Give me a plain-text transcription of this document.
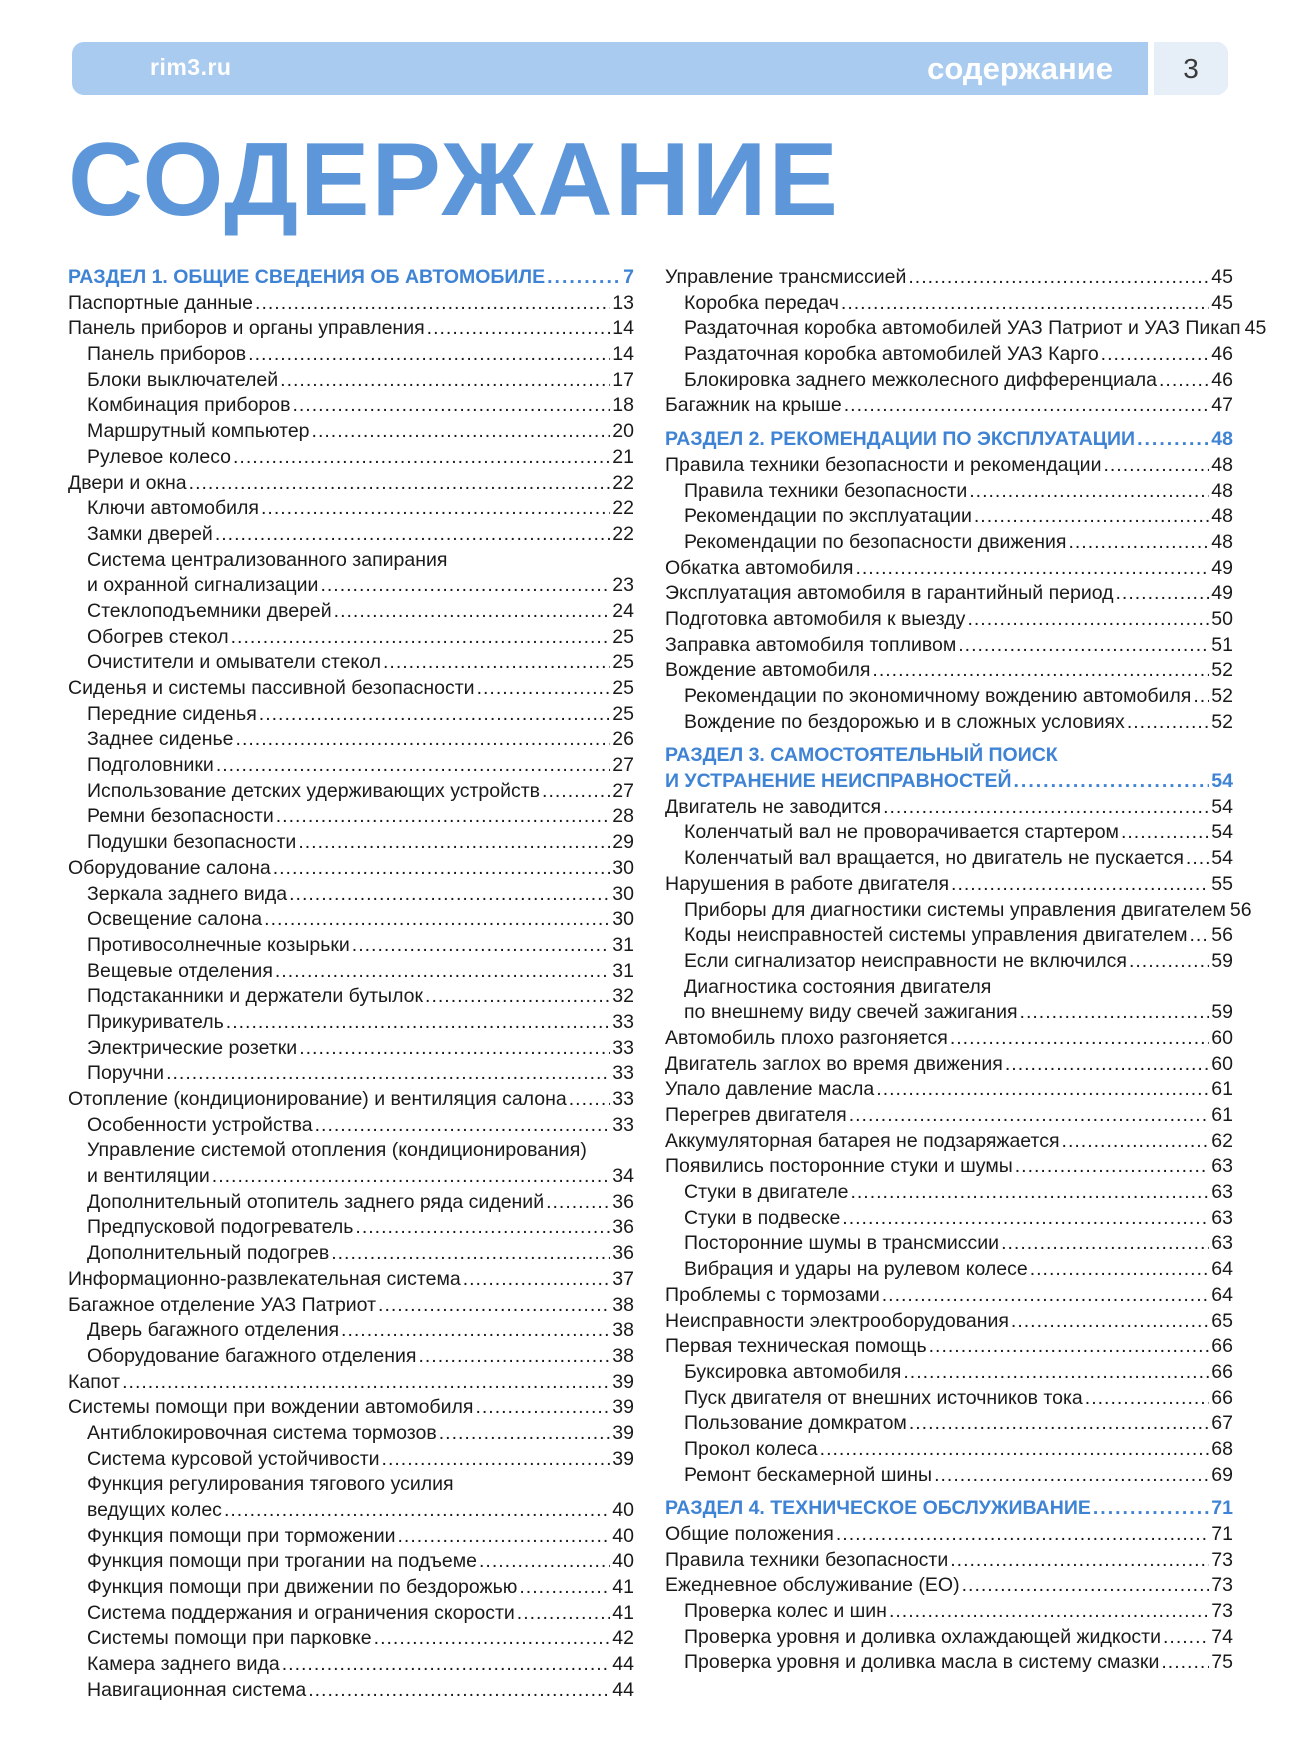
rim3.ru	содержание	3
СОДЕРЖАНИЕ
РАЗДЕЛ 1. ОБЩИЕ СВЕДЕНИЯ ОБ АВТОМОБИЛЕ .....	7
Паспортные данные .....	13
Панель приборов и органы управления .....	14
Панель приборов .....	14
Блоки выключателей .....	17
Комбинация приборов .....	18
Маршрутный компьютер .....	20
Рулевое колесо .....	21
Двери и окна .....	22
Ключи автомобиля .....	22
Замки дверей .....	22
Система централизованного запирания
и охранной сигнализации .....	23
Стеклоподъемники дверей .....	24
Обогрев стекол .....	25
Очистители и омыватели стекол .....	25
Сиденья и системы пассивной безопасности .....	25
Передние сиденья .....	25
Заднее сиденье .....	26
Подголовники .....	27
Использование детских удерживающих устройств .....	27
Ремни безопасности .....	28
Подушки безопасности .....	29
Оборудование салона .....	30
Зеркала заднего вида .....	30
Освещение салона .....	30
Противосолнечные козырьки .....	31
Вещевые отделения .....	31
Подстаканники и держатели бутылок .....	32
Прикуриватель .....	33
Электрические розетки .....	33
Поручни .....	33
Отопление (кондиционирование) и вентиляция салона ..... 33
Особенности устройства .....	33
Управление системой отопления (кондиционирования)
и вентиляции .....	34
Дополнительный отопитель заднего ряда сидений .....	36
Предпусковой подогреватель .....	36
Дополнительный подогрев .....	36
Информационно-развлекательная система .....	37
Багажное отделение УАЗ Патриот .....	38
Дверь багажного отделения .....	38
Оборудование багажного отделения .....	38
Капот .....	39
Системы помощи при вождении автомобиля .....	39
Антиблокировочная система тормозов .....	39
Система курсовой устойчивости .....	39
Функция регулирования тягового усилия
ведущих колес .....	40
Функция помощи при торможении .....	40
Функция помощи при трогании на подъеме .....	40
Функция помощи при движении по бездорожью .....	41
Система поддержания и ограничения скорости .....	41
Системы помощи при парковке .....	42
Камера заднего вида .....	44
Навигационная система .....	44
Управление трансмиссией .....	45
Коробка передач .....	45
Раздаточная коробка автомобилей УАЗ Патриот и УАЗ Пикап 45
Раздаточная коробка автомобилей УАЗ Карго .....	46
Блокировка заднего межколесного дифференциала .....	46
Багажник на крыше .....	47
РАЗДЕЛ 2. РЕКОМЕНДАЦИИ ПО ЭКСПЛУАТАЦИИ .....	48
Правила техники безопасности и рекомендации .....	48
Правила техники безопасности .....	48
Рекомендации по эксплуатации .....	48
Рекомендации по безопасности движения .....	48
Обкатка автомобиля .....	49
Эксплуатация автомобиля в гарантийный период .....	49
Подготовка автомобиля к выезду .....	50
Заправка автомобиля топливом .....	51
Вождение автомобиля .....	52
Рекомендации по экономичному вождению автомобиля ..... 52
Вождение по бездорожью и в сложных условиях .....	52
РАЗДЕЛ 3. САМОСТОЯТЕЛЬНЫЙ ПОИСК
И УСТРАНЕНИЕ НЕИСПРАВНОСТЕЙ .....	54
Двигатель не заводится .....	54
Коленчатый вал не проворачивается стартером .....	54
Коленчатый вал вращается, но двигатель не пускается ..... 54
Нарушения в работе двигателя .....	55
Приборы для диагностики системы управления двигателем 56
Коды неисправностей системы управления двигателем ..... 56
Если сигнализатор неисправности не включился .....	59
Диагностика состояния двигателя
по внешнему виду свечей зажигания .....	59
Автомобиль плохо разгоняется .....	60
Двигатель заглох во время движения .....	60
Упало давление масла .....	61
Перегрев двигателя .....	61
Аккумуляторная батарея не подзаряжается .....	62
Появились посторонние стуки и шумы .....	63
Стуки в двигателе .....	63
Стуки в подвеске .....	63
Посторонние шумы в трансмиссии .....	63
Вибрация и удары на рулевом колесе .....	64
Проблемы с тормозами .....	64
Неисправности электрооборудования .....	65
Первая техническая помощь .....	66
Буксировка автомобиля .....	66
Пуск двигателя от внешних источников тока .....	66
Пользование домкратом .....	67
Прокол колеса .....	68
Ремонт бескамерной шины .....	69
РАЗДЕЛ 4. ТЕХНИЧЕСКОЕ ОБСЛУЖИВАНИЕ .....	71
Общие положения .....	71
Правила техники безопасности .....	73
Ежедневное обслуживание (ЕО) .....	73
Проверка колес и шин .....	73
Проверка уровня и доливка охлаждающей жидкости .....	74
Проверка уровня и доливка масла в систему смазки .....	75
